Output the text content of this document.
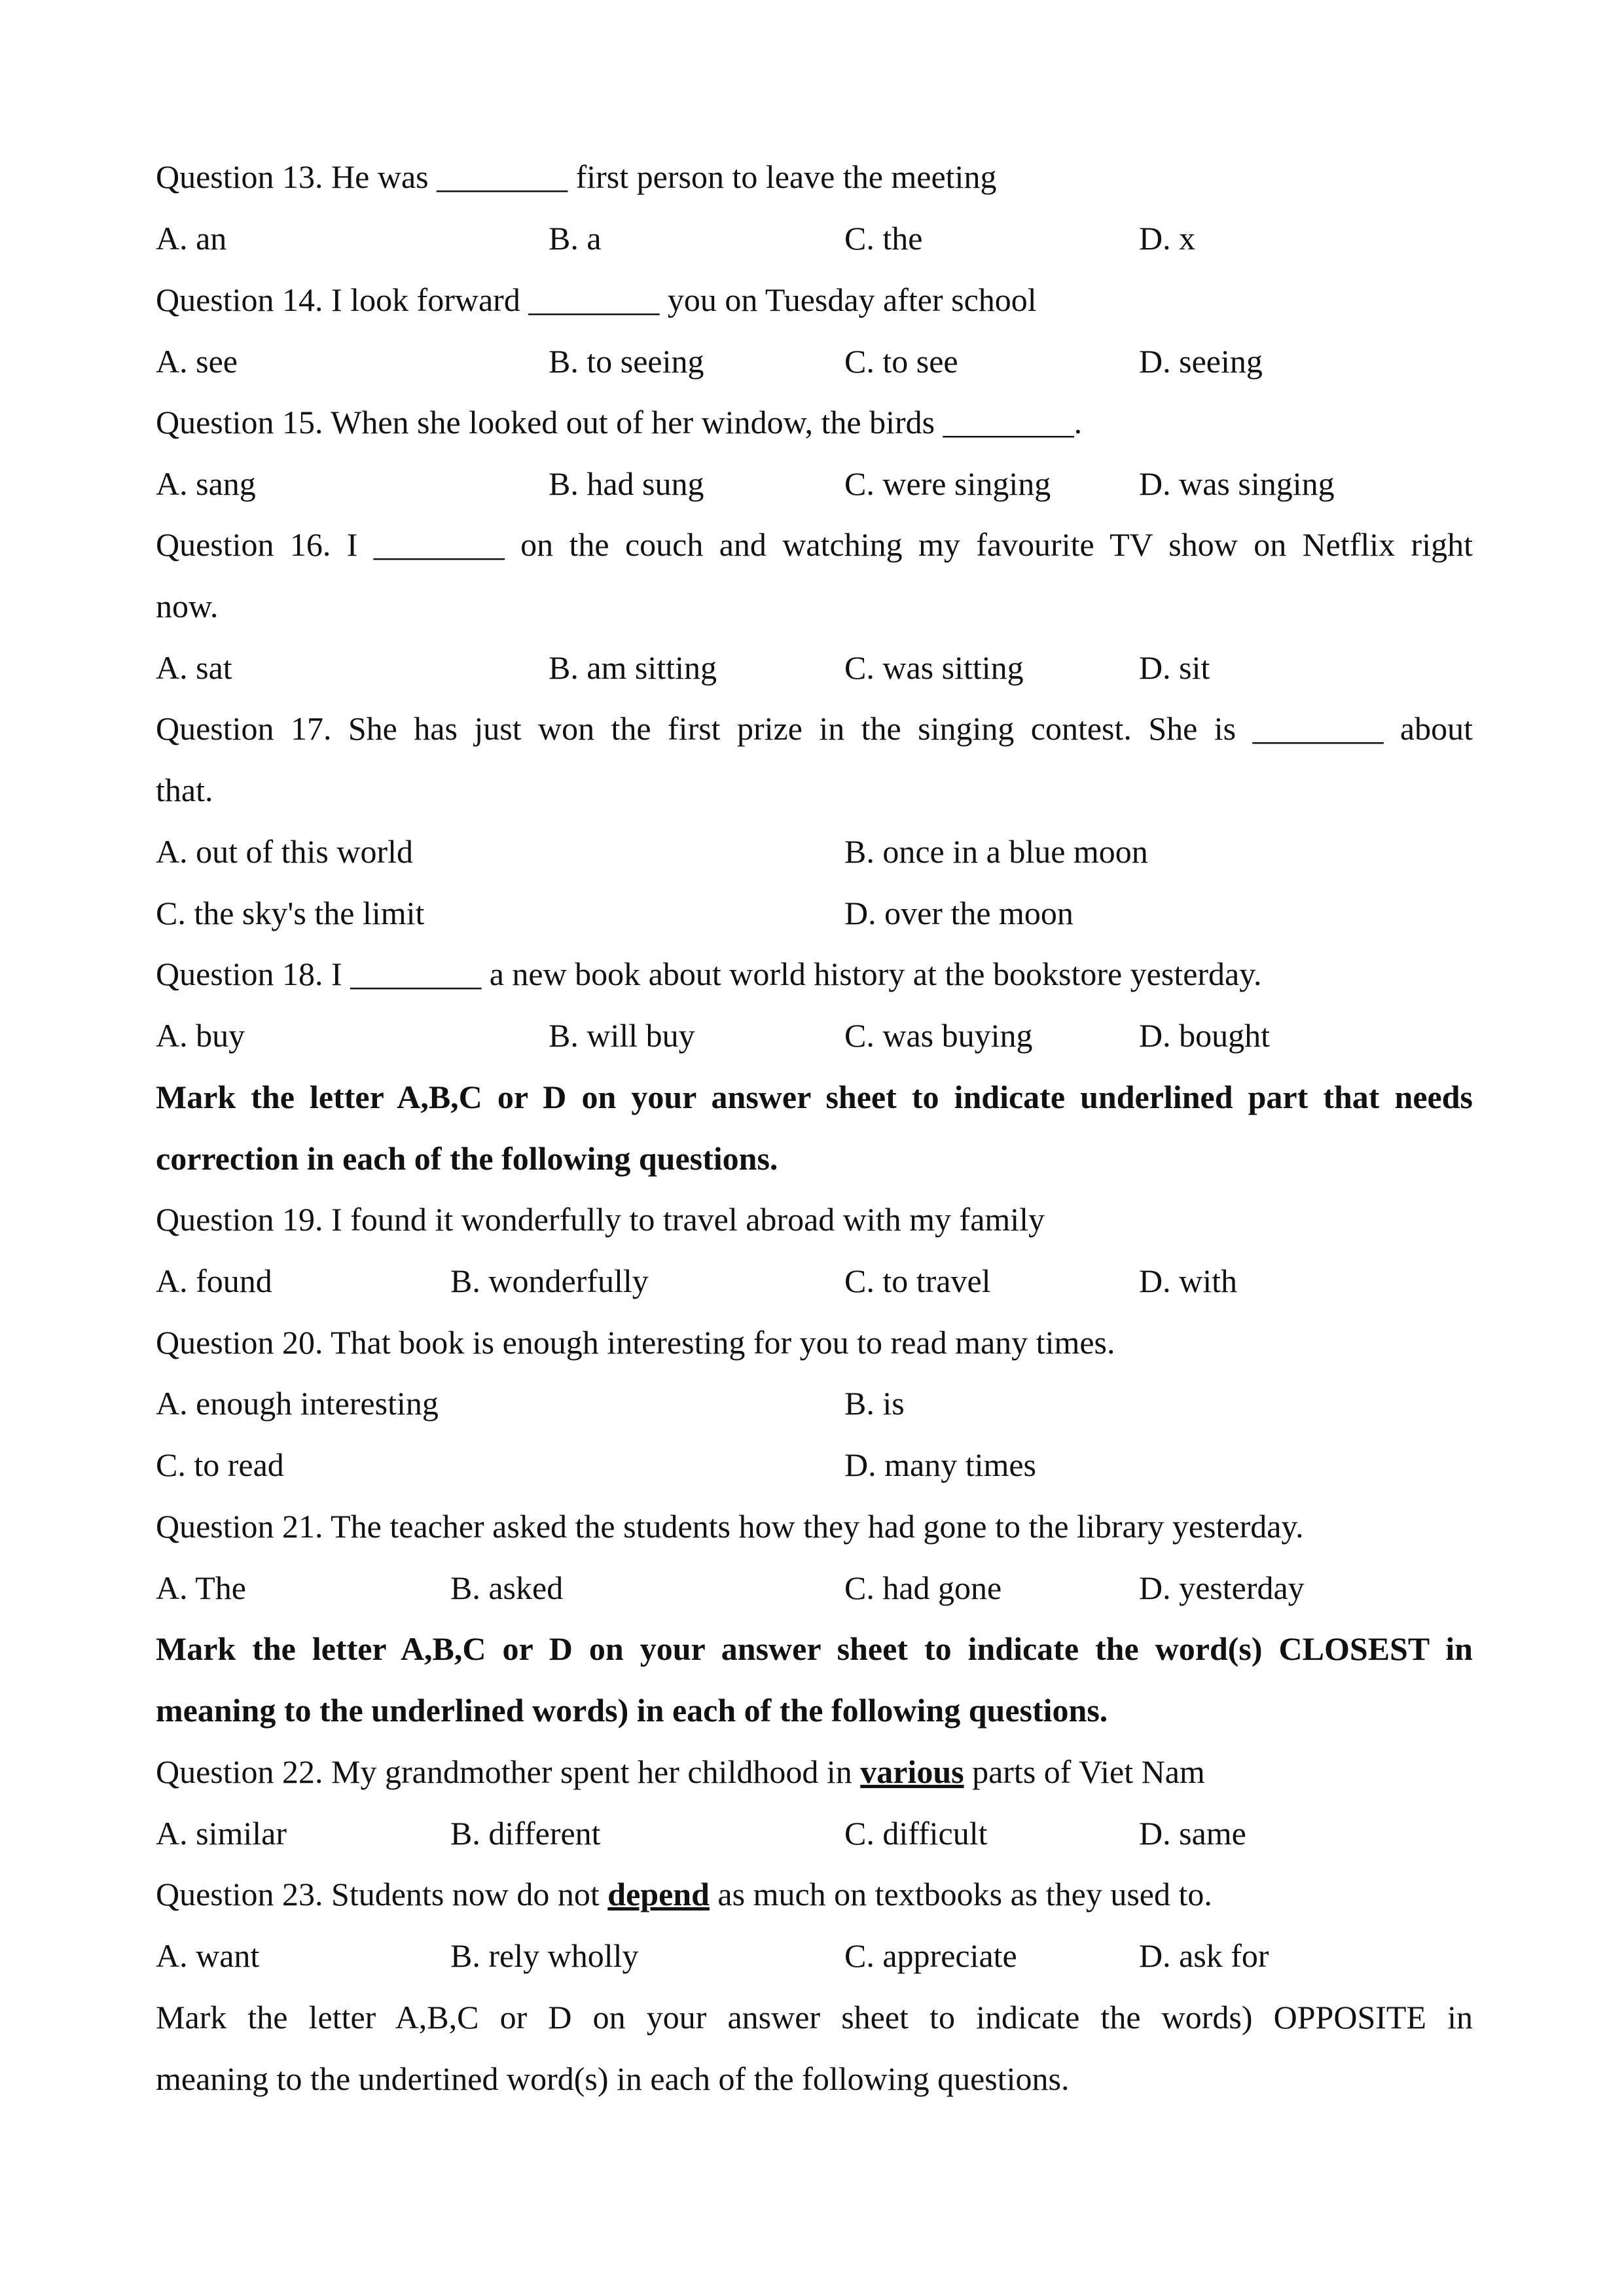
Question 13. He was ________ first person to leave the meeting
A. an	B. a	C. the	D. x
Question 14. I look forward ________ you on Tuesday after school
A. see	B. to seeing	C. to see	D. seeing
Question 15. When she looked out of her window, the birds ________.
A. sang	B. had sung	C. were singing	D. was singing
Question 16. I ________ on the couch and watching my favourite TV show on Netflix right
now.
A. sat	B. am sitting	C. was sitting	D. sit
Question 17. She has just won the first prize in the singing contest. She is ________ about
that.
A. out of this world	B. once in a blue moon
C. the sky's the limit	D. over the moon
Question 18. I ________ a new book about world history at the bookstore yesterday.
A. buy	B. will buy	C. was buying	D. bought
Mark the letter A,B,C or D on your answer sheet to indicate underlined part that needs
correction in each of the following questions.
Question 19. I found it wonderfully to travel abroad with my family
A. found	B. wonderfully	C. to travel	D. with
Question 20. That book is enough interesting for you to read many times.
A. enough interesting	B. is
C. to read	D. many times
Question 21. The teacher asked the students how they had gone to the library yesterday.
A. The	B. asked	C. had gone	D. yesterday
Mark the letter A,B,C or D on your answer sheet to indicate the word(s) CLOSEST in
meaning to the underlined words) in each of the following questions.
Question 22. My grandmother spent her childhood in various parts of Viet Nam
A. similar	B. different	C. difficult	D. same
Question 23. Students now do not depend as much on textbooks as they used to.
A. want	B. rely wholly	C. appreciate	D. ask for
Mark the letter A,B,C or D on your answer sheet to indicate the words) OPPOSITE in
meaning to the undertined word(s) in each of the following questions.
